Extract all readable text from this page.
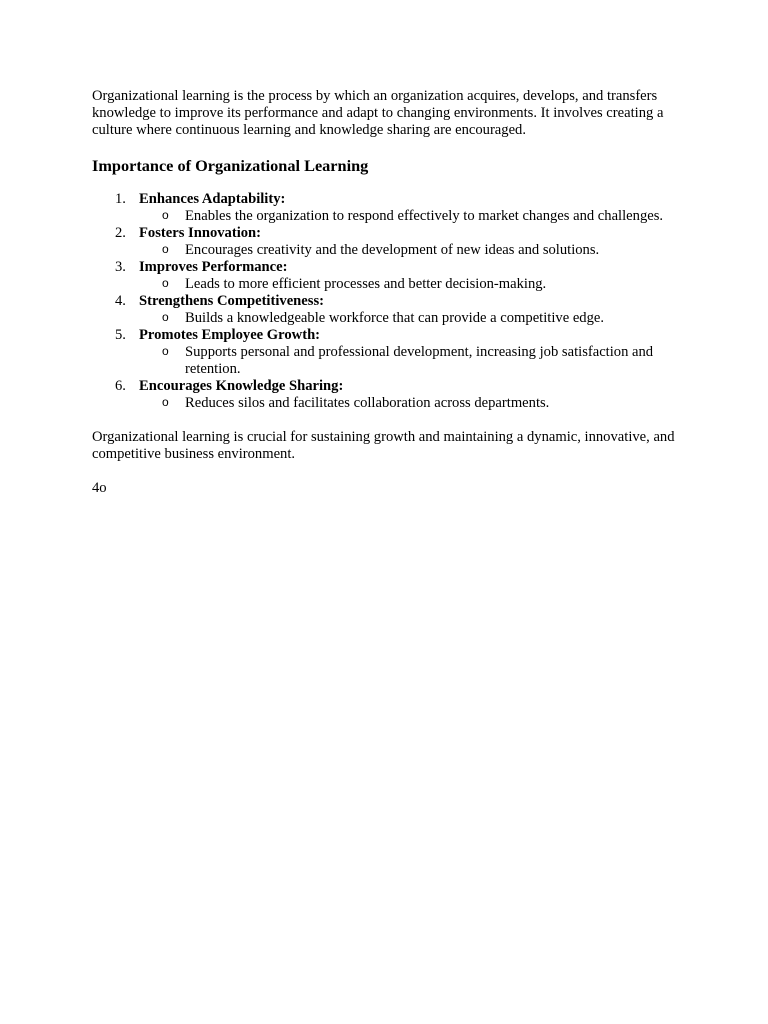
Organizational learning is the process by which an organization acquires, develops, and transfers knowledge to improve its performance and adapt to changing environments. It involves creating a culture where continuous learning and knowledge sharing are encouraged.

Importance of Organizational Learning
1. Enhances Adaptability:
o Enables the organization to respond effectively to market changes and challenges.
2. Fosters Innovation:
o Encourages creativity and the development of new ideas and solutions.
3. Improves Performance:
o Leads to more efficient processes and better decision-making.
4. Strengthens Competitiveness:
o Builds a knowledgeable workforce that can provide a competitive edge.
5. Promotes Employee Growth:
o Supports personal and professional development, increasing job satisfaction and retention.
6. Encourages Knowledge Sharing:
o Reduces silos and facilitates collaboration across departments.

Organizational learning is crucial for sustaining growth and maintaining a dynamic, innovative, and competitive business environment.

4o
